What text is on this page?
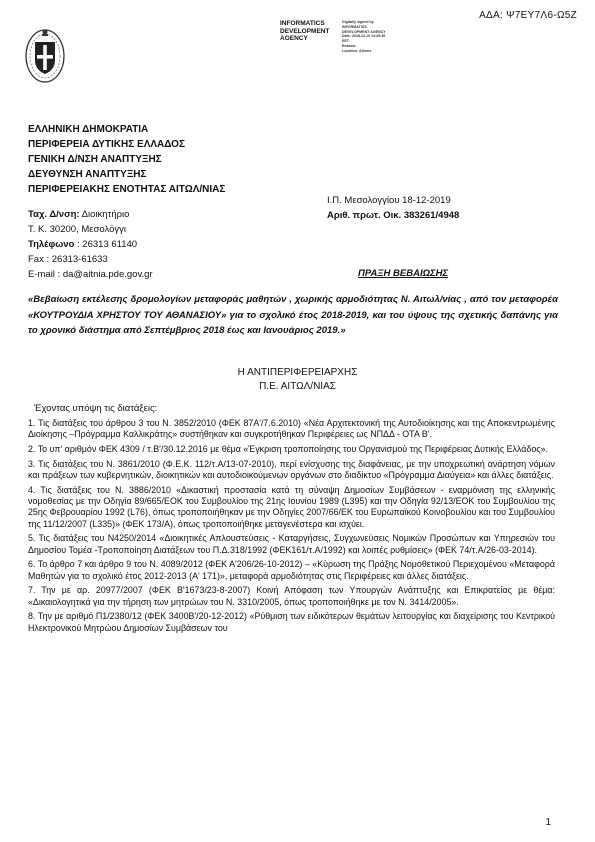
ΑΔΑ: Ψ7ΕΥ7Λ6-Ω5Ζ
INFORMATICS
DEVELOPMENT
AGENCY
Digitally signed by
INFORMATICS
DEVELOPMENT AGENCY
Date: 2018.12.19 13:25:46
EET
Reason:
Location: Athens
ΕΛΛΗΝΙΚΗ ΔΗΜΟΚΡΑΤΙΑ
ΠΕΡΙΦΕΡΕΙΑ ΔΥΤΙΚΗΣ ΕΛΛΑΔΟΣ
ΓΕΝΙΚΗ Δ/ΝΣΗ ΑΝΑΠΤΥΞΗΣ
ΔΕΥΘΥΝΣΗ ΑΝΑΠΤΥΞΗΣ
ΠΕΡΙΦΕΡΕΙΑΚΗΣ ΕΝΟΤΗΤΑΣ ΑΙΤΩΛ/ΝΙΑΣ
Ι.Π. Μεσολογγίου 18-12-2019
Αριθ. πρωτ. Οικ. 383261/4948
Ταχ. Δ/νση: Διοικητήριο
Τ. Κ. 30200, Μεσολόγγι
Τηλέφωνο : 26313 61140
Fax : 26313-61633
E-mail : da@aitnia.pde.gov.gr	ΠΡΑΞΗ ΒΕΒΑΙΩΣΗΣ
«Βεβαίωση εκτέλεσης δρομολογίων μεταφοράς μαθητών , χωρικής αρμοδιότητας Ν. Αιτωλ/νίας , από τον μεταφορέα «ΚΟΥΤΡΟΥΔΙΑ ΧΡΗΣΤΟΥ ΤΟΥ ΑΘΑΝΑΣΙΟΥ» για το σχολικό έτος 2018-2019, και του ύψους της σχετικής δαπάνης για το χρονικό διάστημα από Σεπτέμβριος 2018 έως και Ιανουάριος 2019.»
Η ΑΝΤΙΠΕΡΙΦΕΡΕΙΑΡΧΗΣ
Π.Ε. ΑΙΤΩΛ/ΝΙΑΣ
Έχοντας υπόψη τις διατάξεις:

1. Τις διατάξεις του άρθρου 3 του Ν. 3852/2010 (ΦΕΚ 87Α'/7.6.2010) «Νέα Αρχιτεκτονική της Αυτοδιοίκησης και της Αποκεντρωμένης Διοίκησης –Πρόγραμμα Καλλικράτης» συστήθηκαν και συγκροτήθηκαν Περιφέρειες ως ΝΠΔΔ - ΟΤΑ Β'.

2. Το υπ' αριθμόν ΦΕΚ 4309 / τ.Β'/30.12.2016 με θέμα «Έγκριση τροποποίησης του Οργανισμού της Περιφέρειας Δυτικής Ελλάδος».

3. Τις διατάξεις του Ν. 3861/2010 (Φ.Ε.Κ. 112/τ.Α/13-07-2010), περί ενίσχυσης της διαφάνειας, με την υποχρεωτική ανάρτηση νόμων και πράξεων των κυβερνητικών, διοικητικών και αυτοδιοικούμενων οργάνων στο διαδίκτυο «Πρόγραμμα Διαύγεια» και άλλες διατάξεις.

4. Τις διατάξεις του Ν. 3886/2010 «Δικαστική προστασία κατά τη σύναψη Δημοσίων Συμβάσεων - εναρμόνιση της ελληνικής νομοθεσίας με την Οδηγία 89/665/ΕΟΚ του Συμβουλίου της 21ης Ιουνίου 1989 (L395) και την Οδηγία 92/13/ΕΟΚ του Συμβουλίου της 25ης Φεβρουαρίου 1992 (L76), όπως τροποποιήθηκαν με την Οδηγίες 2007/66/ΕΚ του Ευρωπαϊκού Κοινοβουλίου και του Συμβουλίου της 11/12/2007 (L335)» (ΦΕΚ 173/Α), όπως τροποποιήθηκε μεταγενέστερα και ισχύει.

5. Τις διατάξεις του Ν4250/2014 «Διοικητικές Απλουστεύσεις - Καταργήσεις, Συγχωνεύσεις Νομικών Προσώπων και Υπηρεσιών του Δημοσίου Τομέα -Τροποποίηση Διατάξεων του Π.Δ.318/1992 (ΦΕΚ161/τ.Α/1992) και λοιπές ρυθμίσεις» (ΦΕΚ 74/τ.Α/26-03-2014).

6. Το άρθρο 7 και άρθρο 9 του Ν. 4089/2012 (ΦΕΚ Α'206/26-10-2012) – «Κύρωση της Πράξης Νομοθετικού Περιεχομένου «Μεταφορά Μαθητών για το σχολικό έτος 2012-2013 (Α' 171)», μεταφορά αρμοδιότητας στις Περιφέρειες και άλλες διατάξεις.

7. Την με αρ. 20977/2007 (ΦΕΚ Β'1673/23-8-2007) Κοινή Απόφαση των Υπουργών Ανάπτυξης και Επικρατείας με θέμα: «Δικαιολογητικά για την τήρηση των μητρώων του Ν. 3310/2005, όπως τροποποιήθηκε με τον Ν. 3414/2005».

8. Την με αριθμό Π1/2380/12 (ΦΕΚ 3400Β'/20-12-2012) «Ρύθμιση των ειδικότερων θεμάτων λειτουργίας και διαχείρισης του Κεντρικού Ηλεκτρονικού Μητρώου Δημοσίων Συμβάσεων του

1
